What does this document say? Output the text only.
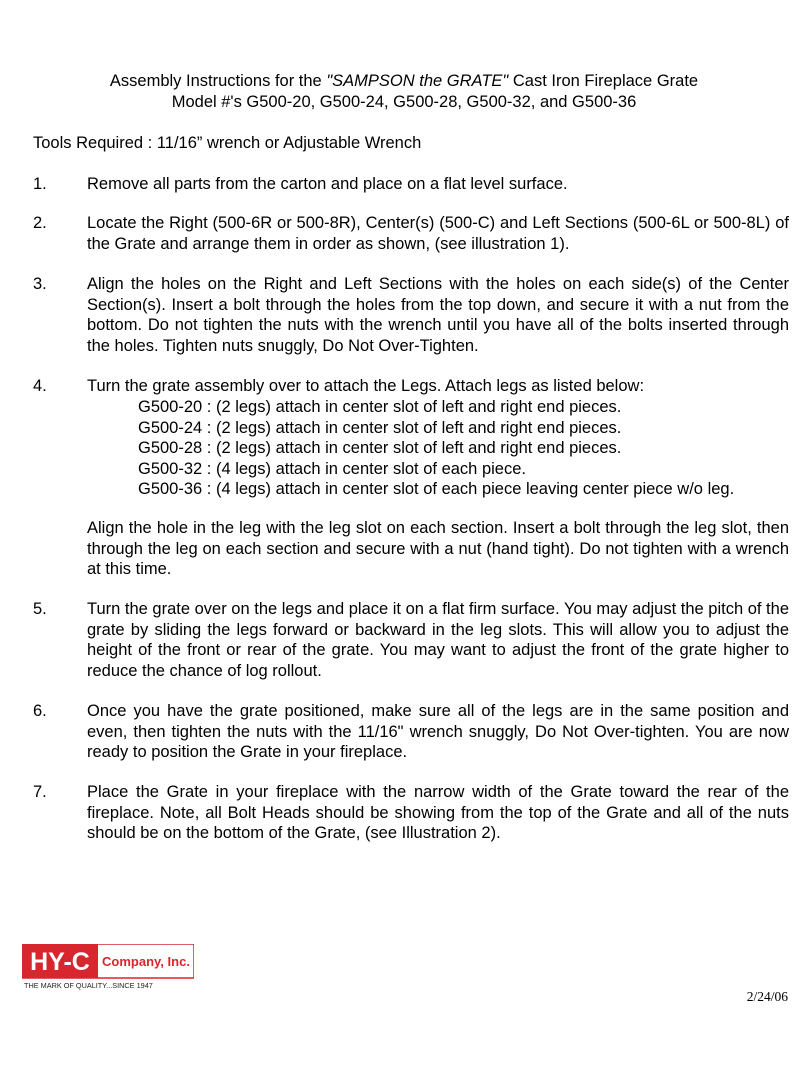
Assembly Instructions for the "SAMPSON the GRATE" Cast Iron Fireplace Grate
Model #'s G500-20, G500-24, G500-28, G500-32, and G500-36
Tools Required : 11/16” wrench or Adjustable Wrench
1. Remove all parts from the carton and place on a flat level surface.
2. Locate the Right (500-6R or 500-8R), Center(s) (500-C) and Left Sections (500-6L or 500-8L) of the Grate and arrange them in order as shown, (see illustration 1).
3. Align the holes on the Right and Left Sections with the holes on each side(s) of the Center Section(s). Insert a bolt through the holes from the top down, and secure it with a nut from the bottom. Do not tighten the nuts with the wrench until you have all of the bolts inserted through the holes. Tighten nuts snuggly, Do Not Over-Tighten.
4. Turn the grate assembly over to attach the Legs. Attach legs as listed below:
G500-20 : (2 legs) attach in center slot of left and right end pieces.
G500-24 : (2 legs) attach in center slot of left and right end pieces.
G500-28 : (2 legs) attach in center slot of left and right end pieces.
G500-32 : (4 legs) attach in center slot of each piece.
G500-36 : (4 legs) attach in center slot of each piece leaving center piece w/o leg.
Align the hole in the leg with the leg slot on each section. Insert a bolt through the leg slot, then through the leg on each section and secure with a nut (hand tight). Do not tighten with a wrench at this time.
5. Turn the grate over on the legs and place it on a flat firm surface. You may adjust the pitch of the grate by sliding the legs forward or backward in the leg slots. This will allow you to adjust the height of the front or rear of the grate. You may want to adjust the front of the grate higher to reduce the chance of log rollout.
6. Once you have the grate positioned, make sure all of the legs are in the same position and even, then tighten the nuts with the 11/16" wrench snuggly, Do Not Over-tighten. You are now ready to position the Grate in your fireplace.
7. Place the Grate in your fireplace with the narrow width of the Grate toward the rear of the fireplace. Note, all Bolt Heads should be showing from the top of the Grate and all of the nuts should be on the bottom of the Grate, (see Illustration 2).
HY-C Company, Inc.
THE MARK OF QUALITY...SINCE 1947
2/24/06
